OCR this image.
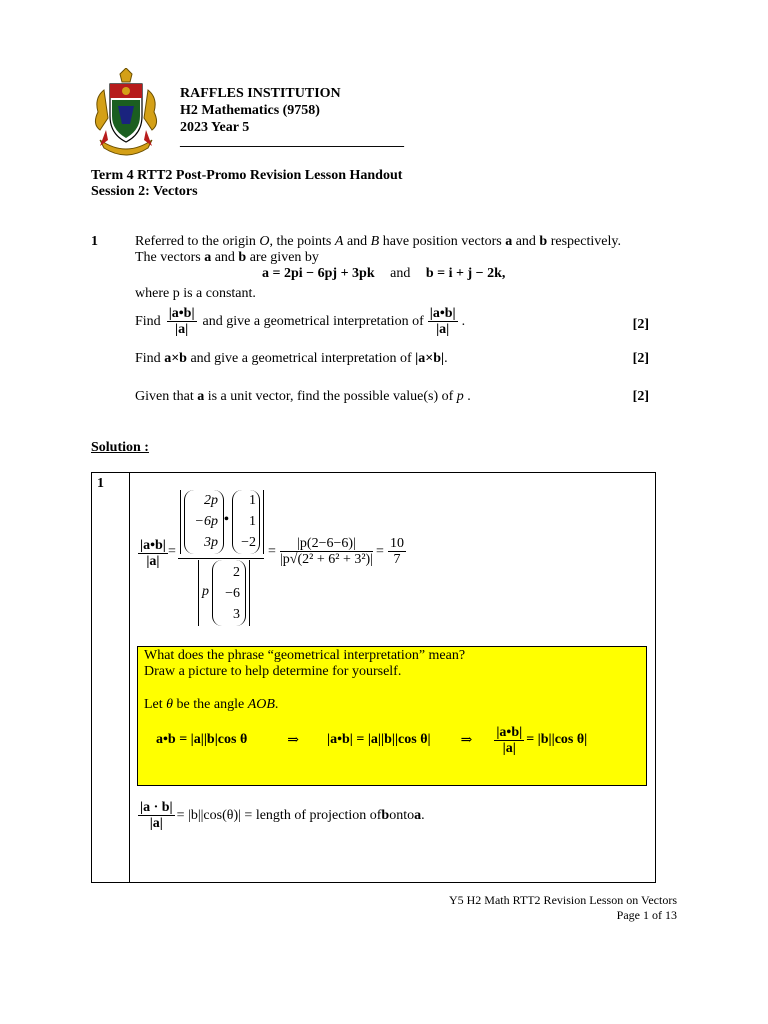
RAFFLES INSTITUTION
H2 Mathematics (9758)
2023 Year 5
________________________________
Term 4 RTT2 Post-Promo Revision Lesson Handout
Session 2: Vectors
1	Referred to the origin O, the points A and B have position vectors a and b respectively.
The vectors a and b are given by
a = 2pi − 6pj + 3pk and b = i + j − 2k,
where p is a constant.
Find $\frac{|a•b|}{|a|}$ and give a geometrical interpretation of $\frac{|a•b|}{|a|}$ .	[2]
Find a×b and give a geometrical interpretation of |a×b|.	[2]
Given that a is a unit vector, find the possible value(s) of p .	[2]
Solution :
1
$\frac{|a•b|}{|a|}$ =
2p
−6p
3p
•
1
1
−2
p
2
−6
3
= $\frac{|p(2-6-6)|}{\text{|p√(2² + 6² + 3²)|}} = \frac{10}{7}$
What does the phrase “geometrical interpretation” mean?
Draw a picture to help determine for yourself.
Let θ be the angle AOB.
a•b = |a||b|cos θ	⇒ |a•b| = |a||b||cos θ| ⇒ $\frac{|a•b|}{|a|} = |b||\cos$ θ|
$\frac{|a \cdot b|}{|a|} = |b||\cos(\theta)|$ = length of projection of b onto a .
Y5 H2 Math RTT2 Revision Lesson on Vectors
Page 1 of 13
